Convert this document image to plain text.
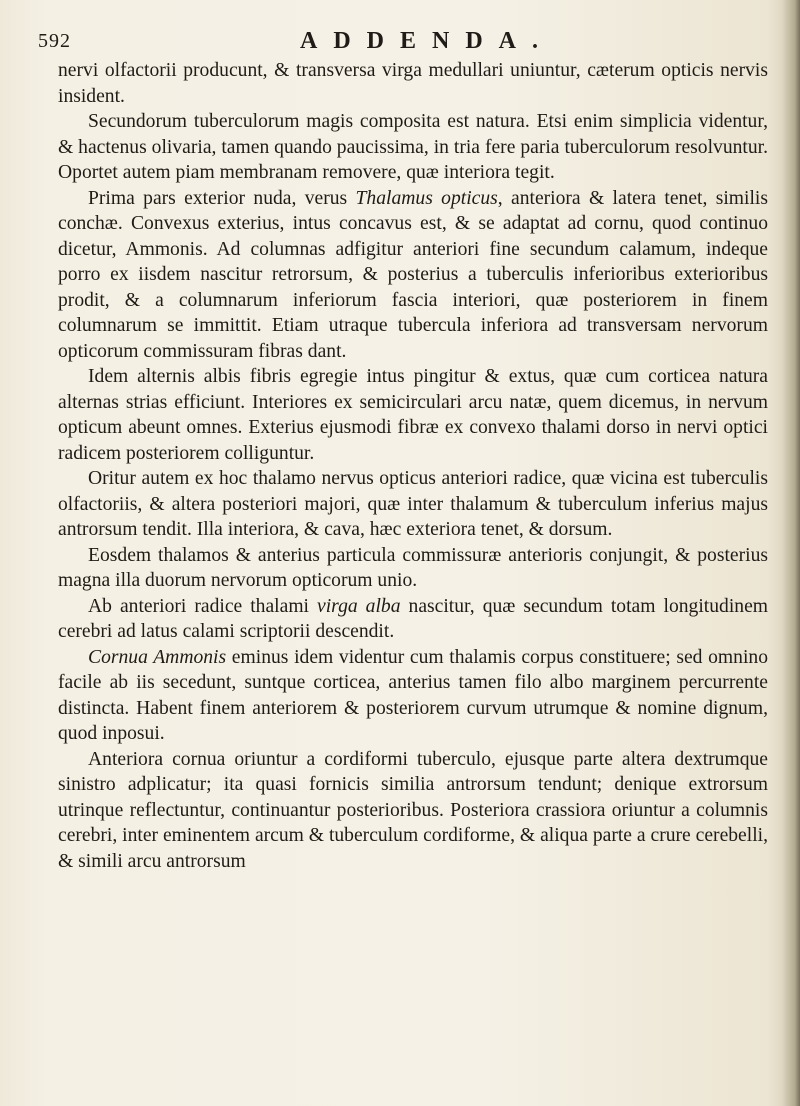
592	ADDENDA.

nervi olfactorii producunt, & transversa virga medullari uniuntur, cæterum opticis nervis insident.

Secundorum tuberculorum magis composita est natura. Etsi enim simplicia videntur, & hactenus olivaria, tamen quando paucissima, in tria fere paria tuberculorum resolvuntur. Oportet autem piam membranam removere, quæ interiora tegit.

Prima pars exterior nuda, verus Thalamus opticus, anteriora & latera tenet, similis conchæ. Convexus exterius, intus concavus est, & se adaptat ad cornu, quod continuo dicetur, Ammonis. Ad columnas adfigitur anteriori fine secundum calamum, indeque porro ex iisdem nascitur retrorsum, & posterius a tuberculis inferioribus exterioribus prodit, & a columnarum inferiorum fascia interiori, quæ posteriorem in finem columnarum se immittit. Etiam utraque tubercula inferiora ad transversam nervorum opticorum commissuram fibras dant.

Idem alternis albis fibris egregie intus pingitur & extus, quæ cum corticea natura alternas strias efficiunt. Interiores ex semicirculari arcu natæ, quem dicemus, in nervum opticum abeunt omnes. Exterius ejusmodi fibræ ex convexo thalami dorso in nervi optici radicem posteriorem colliguntur.

Oritur autem ex hoc thalamo nervus opticus anteriori radice, quæ vicina est tuberculis olfactoriis, & altera posteriori majori, quæ inter thalamum & tuberculum inferius majus antrorsum tendit. Illa interiora, & cava, hæc exteriora tenet, & dorsum.

Eosdem thalamos & anterius particula commissuræ anterioris conjungit, & posterius magna illa duorum nervorum opticorum unio.

Ab anteriori radice thalami virga alba nascitur, quæ secundum totam longitudinem cerebri ad latus calami scriptorii descendit.

Cornua Ammonis eminus idem videntur cum thalamis corpus constituere; sed omnino facile ab iis secedunt, suntque corticea, anterius tamen filo albo marginem percurrente distincta. Habent finem anteriorem & posteriorem curvum utrumque & nomine dignum, quod inposui.

Anteriora cornua oriuntur a cordiformi tuberculo, ejusque parte altera dextrumque sinistro adplicatur; ita quasi fornicis similia antrorsum tendunt; denique extrorsum utrinque reflectuntur, continuantur posterioribus. Posteriora crassiora oriuntur a columnis cerebri, inter eminentem arcum & tuberculum cordiforme, & aliqua parte a crure cerebelli, & simili arcu antrorsum
